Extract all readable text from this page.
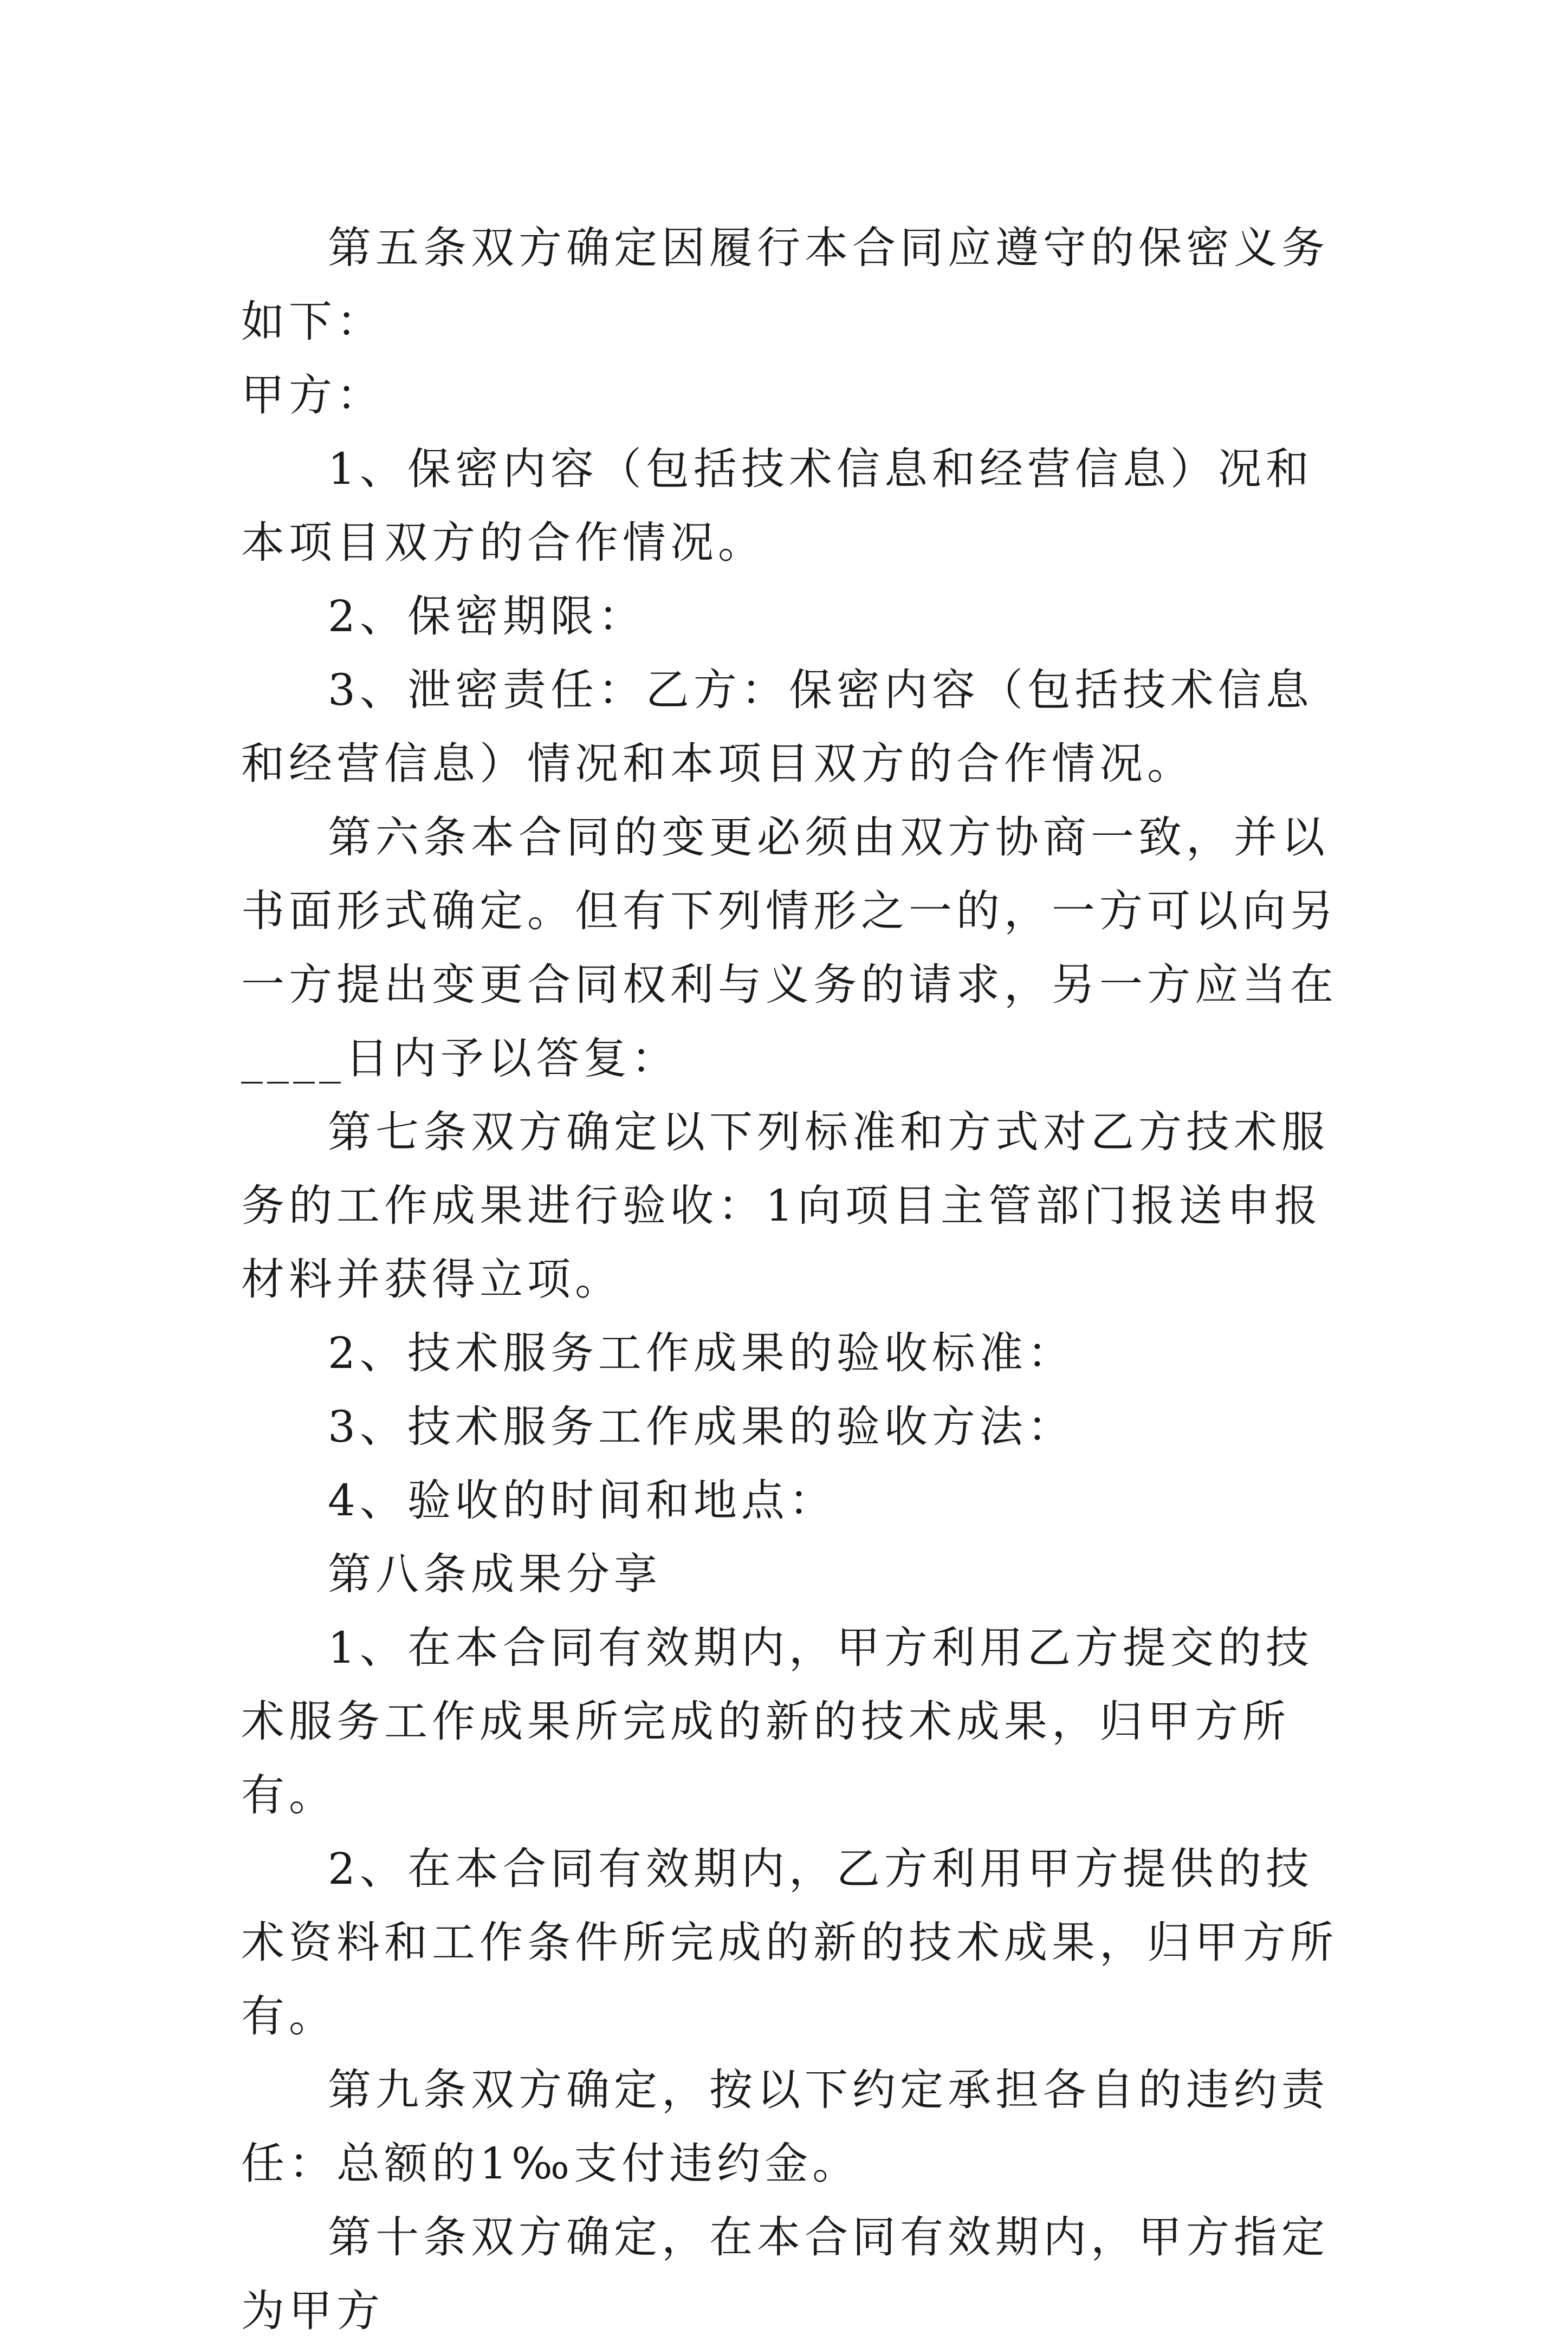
第五条双方确定因履行本合同应遵守的保密义务如下：

甲方：

1、保密内容（包括技术信息和经营信息）况和本项目双方的合作情况。

2、保密期限：

3、泄密责任：乙方：保密内容（包括技术信息和经营信息）情况和本项目双方的合作情况。

第六条本合同的变更必须由双方协商一致，并以书面形式确定。但有下列情形之一的，一方可以向另一方提出变更合同权利与义务的请求，另一方应当在____日内予以答复：

第七条双方确定以下列标准和方式对乙方技术服务的工作成果进行验收：1向项目主管部门报送申报材料并获得立项。

2、技术服务工作成果的验收标准：

3、技术服务工作成果的验收方法：

4、验收的时间和地点：

第八条成果分享

1、在本合同有效期内，甲方利用乙方提交的技术服务工作成果所完成的新的技术成果，归甲方所有。

2、在本合同有效期内，乙方利用甲方提供的技术资料和工作条件所完成的新的技术成果，归甲方所有。

第九条双方确定，按以下约定承担各自的违约责任：总额的1‰支付违约金。

第十条双方确定，在本合同有效期内，甲方指定为甲方
